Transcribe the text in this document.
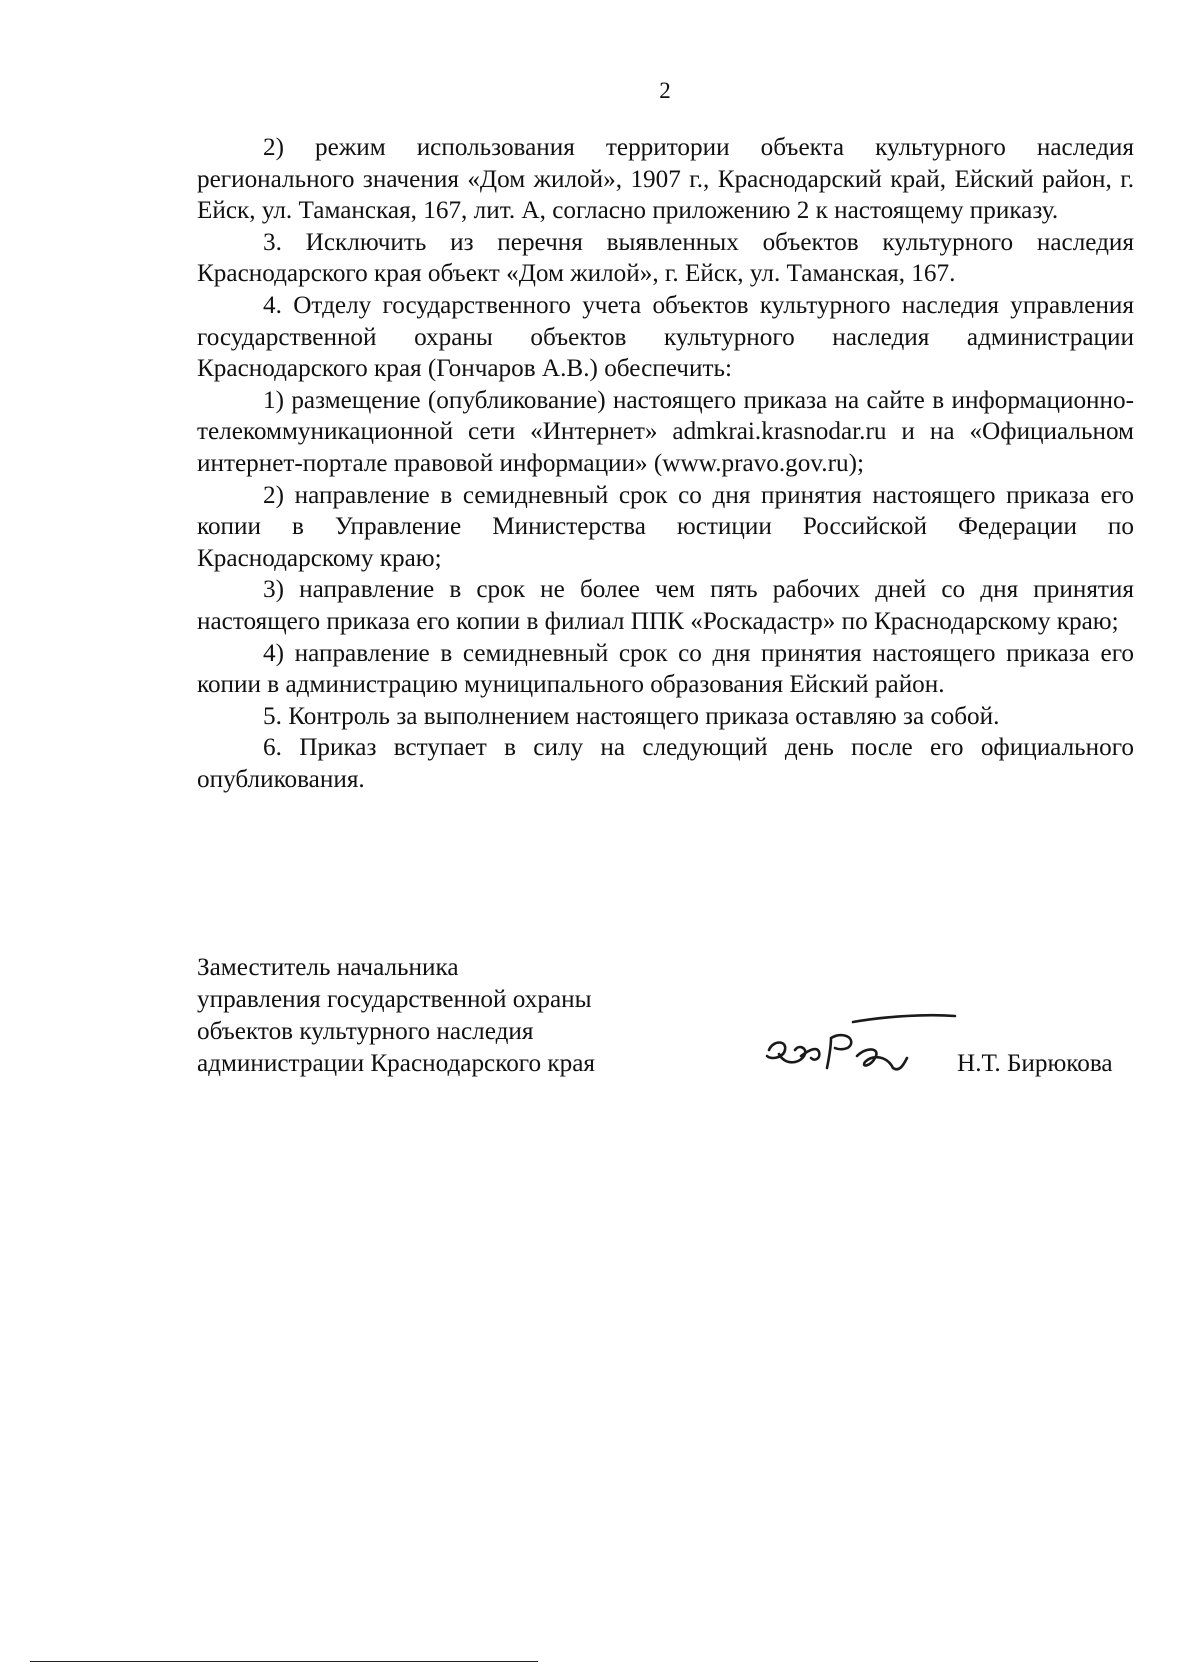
2

2) режим использования территории объекта культурного наследия регионального значения «Дом жилой», 1907 г., Краснодарский край, Ейский район, г. Ейск, ул. Таманская, 167, лит. А, согласно приложению 2 к настоящему приказу.

3. Исключить из перечня выявленных объектов культурного наследия Краснодарского края объект «Дом жилой», г. Ейск, ул. Таманская, 167.

4. Отделу государственного учета объектов культурного наследия управления государственной охраны объектов культурного наследия администрации Краснодарского края (Гончаров А.В.) обеспечить:

1) размещение (опубликование) настоящего приказа на сайте в информационно-телекоммуникационной сети «Интернет» admkrai.krasnodar.ru и на «Официальном интернет-портале правовой информации» (www.pravo.gov.ru);

2) направление в семидневный срок со дня принятия настоящего приказа его копии в Управление Министерства юстиции Российской Федерации по Краснодарскому краю;

3) направление в срок не более чем пять рабочих дней со дня принятия настоящего приказа его копии в филиал ППК «Роскадастр» по Краснодарскому краю;

4) направление в семидневный срок со дня принятия настоящего приказа его копии в администрацию муниципального образования Ейский район.

5. Контроль за выполнением настоящего приказа оставляю за собой.

6. Приказ вступает в силу на следующий день после его официального опубликования.

Заместитель начальника
управления государственной охраны
объектов культурного наследия
администрации Краснодарского края	Н.Т. Бирюкова
